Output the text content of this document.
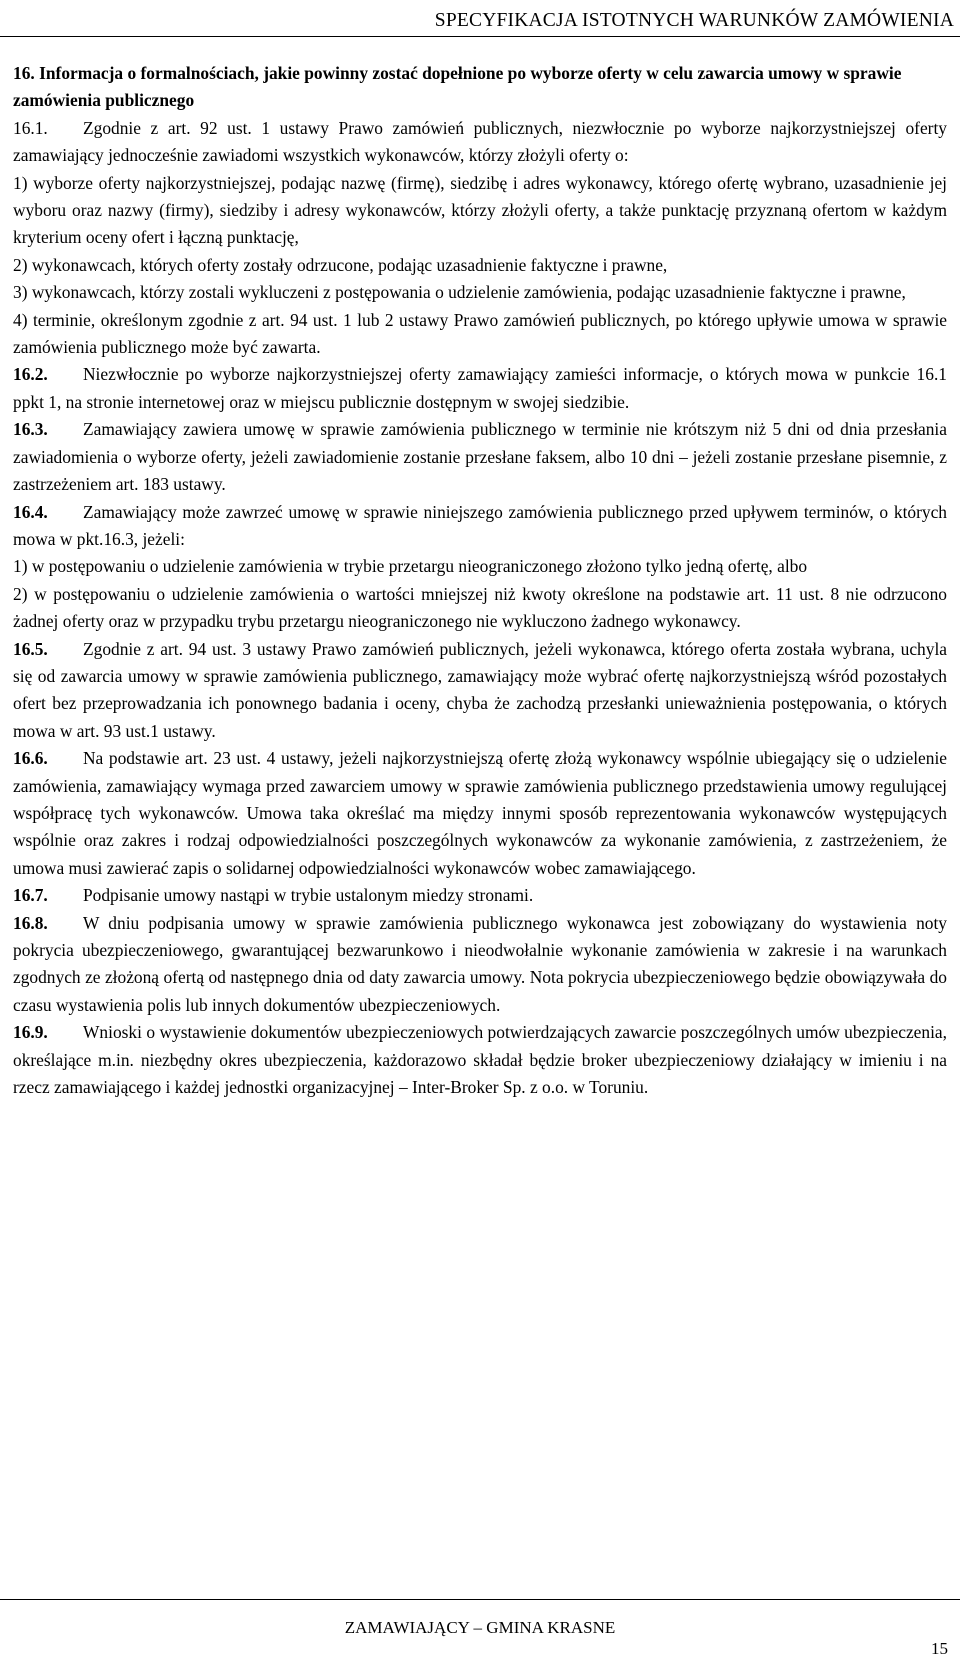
SPECYFIKACJA ISTOTNYCH WARUNKÓW ZAMÓWIENIA

16. Informacja o formalnościach, jakie powinny zostać dopełnione po wyborze oferty w celu zawarcia umowy w sprawie zamówienia publicznego

16.1. Zgodnie z art. 92 ust. 1 ustawy Prawo zamówień publicznych, niezwłocznie po wyborze najkorzystniejszej oferty zamawiający jednocześnie zawiadomi wszystkich wykonawców, którzy złożyli oferty o:

1) wyborze oferty najkorzystniejszej, podając nazwę (firmę), siedzibę i adres wykonawcy, którego ofertę wybrano, uzasadnienie jej wyboru oraz nazwy (firmy), siedziby i adresy wykonawców, którzy złożyli oferty, a także punktację przyznaną ofertom w każdym kryterium oceny ofert i łączną punktację,

2) wykonawcach, których oferty zostały odrzucone, podając uzasadnienie faktyczne i prawne,

3) wykonawcach, którzy zostali wykluczeni z postępowania o udzielenie zamówienia, podając uzasadnienie faktyczne i prawne,

4) terminie, określonym zgodnie z art. 94 ust. 1 lub 2 ustawy Prawo zamówień publicznych, po którego upływie umowa w sprawie zamówienia publicznego może być zawarta.

16.2. Niezwłocznie po wyborze najkorzystniejszej oferty zamawiający zamieści informacje, o których mowa w punkcie 16.1 ppkt 1, na stronie internetowej oraz w miejscu publicznie dostępnym w swojej siedzibie.

16.3. Zamawiający zawiera umowę w sprawie zamówienia publicznego w terminie nie krótszym niż 5 dni od dnia przesłania zawiadomienia o wyborze oferty, jeżeli zawiadomienie zostanie przesłane faksem, albo 10 dni – jeżeli zostanie przesłane pisemnie, z zastrzeżeniem art. 183 ustawy.

16.4. Zamawiający może zawrzeć umowę w sprawie niniejszego zamówienia publicznego przed upływem terminów, o których mowa w pkt.16.3, jeżeli:

1) w postępowaniu o udzielenie zamówienia w trybie przetargu nieograniczonego złożono tylko jedną ofertę, albo

2) w postępowaniu o udzielenie zamówienia o wartości mniejszej niż kwoty określone na podstawie art. 11 ust. 8 nie odrzucono żadnej oferty oraz w przypadku trybu przetargu nieograniczonego nie wykluczono żadnego wykonawcy.

16.5. Zgodnie z art. 94 ust. 3 ustawy Prawo zamówień publicznych, jeżeli wykonawca, którego oferta została wybrana, uchyla się od zawarcia umowy w sprawie zamówienia publicznego, zamawiający może wybrać ofertę najkorzystniejszą wśród pozostałych ofert bez przeprowadzania ich ponownego badania i oceny, chyba że zachodzą przesłanki unieważnienia postępowania, o których mowa w art. 93 ust.1 ustawy.

16.6. Na podstawie art. 23 ust. 4 ustawy, jeżeli najkorzystniejszą ofertę złożą wykonawcy wspólnie ubiegający się o udzielenie zamówienia, zamawiający wymaga przed zawarciem umowy w sprawie zamówienia publicznego przedstawienia umowy regulującej współpracę tych wykonawców. Umowa taka określać ma między innymi sposób reprezentowania wykonawców występujących wspólnie oraz zakres i rodzaj odpowiedzialności poszczególnych wykonawców za wykonanie zamówienia, z zastrzeżeniem, że umowa musi zawierać zapis o solidarnej odpowiedzialności wykonawców wobec zamawiającego.

16.7. Podpisanie umowy nastąpi w trybie ustalonym miedzy stronami.

16.8. W dniu podpisania umowy w sprawie zamówienia publicznego wykonawca jest zobowiązany do wystawienia noty pokrycia ubezpieczeniowego, gwarantującej bezwarunkowo i nieodwołalnie wykonanie zamówienia w zakresie i na warunkach zgodnych ze złożoną ofertą od następnego dnia od daty zawarcia umowy. Nota pokrycia ubezpieczeniowego będzie obowiązywała do czasu wystawienia polis lub innych dokumentów ubezpieczeniowych.

16.9. Wnioski o wystawienie dokumentów ubezpieczeniowych potwierdzających zawarcie poszczególnych umów ubezpieczenia, określające m.in. niezbędny okres ubezpieczenia, każdorazowo składał będzie broker ubezpieczeniowy działający w imieniu i na rzecz zamawiającego i każdej jednostki organizacyjnej – Inter-Broker Sp. z o.o. w Toruniu.

ZAMAWIAJĄCY – GMINA KRASNE
15
